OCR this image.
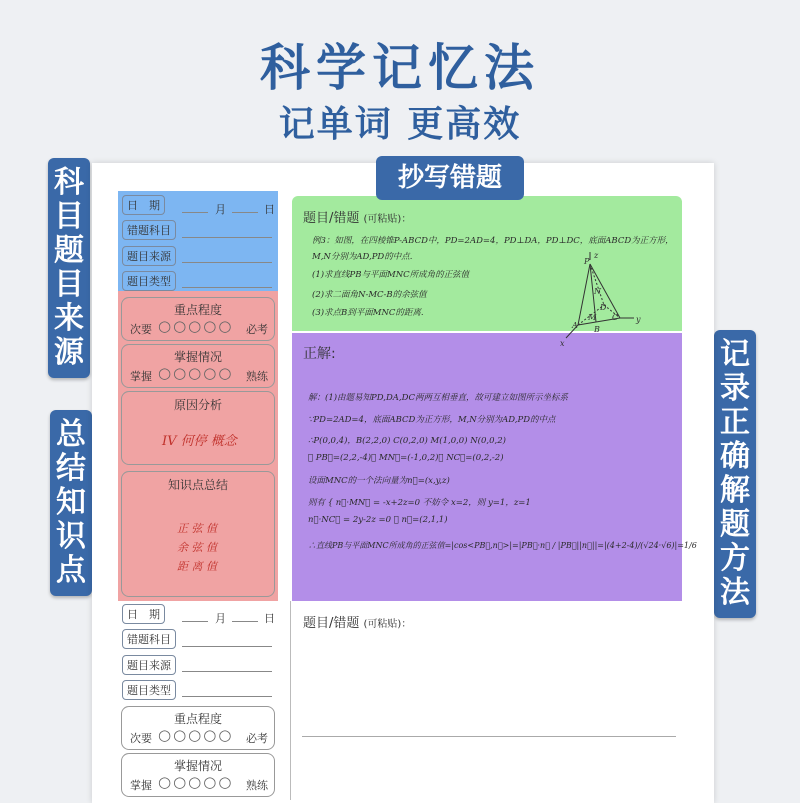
科学记忆法
记单词 更高效
科目题目来源
总结知识点
记录正确解题方法
抄写错题
日　期	月	日
错题科目
题目来源
题目类型
重点程度
次要 ○○○○○ 必考
掌握情况
掌握 ○○○○○ 熟练
原因分析
IV 何停 概念
知识点总结
正 弦 值
余 弦 值
距 离 值
题目/错题 (可粘贴)：
例3：如图，在四棱锥P-ABCD中，PD=2AD=4，PD⊥DA，PD⊥DC，底面ABCD为正方形，
M,N分别为AD,PD的中点.
(1)求直线PB与平面MNC所成角的正弦值
(2)求二面角N-MC-B的余弦值
(3)求点B到平面MNC的距离.
z
P
N
D
C y
A
M
B
x
正解:
解：(1)由题易知PD,DA,DC两两互相垂直，故可建立如图所示坐标系
∵PD=2AD=4，底面ABCD为正方形，M,N分别为AD,PD的中点
∴P(0,0,4)，B(2,2,0) C(0,2,0) M(1,0,0) N(0,0,2)
∴ PB⃗=(2,2,-4)， MN⃗=(-1,0,2)， NC⃗=(0,2,-2)
设面MNC的一个法向量为n⃗=(x,y,z)
则有 { n⃗·MN⃗ = -x+2z=0 不妨令 x=2，则 y=1，z=1
n⃗·NC⃗ = 2y-2z =0 ∴ n⃗=(2,1,1)
∴直线PB与平面MNC所成角的正弦值=|cos<PB⃗,n⃗>|=|PB⃗·n⃗ / |PB⃗||n⃗||=|(4+2-4)/(√24·√6)|=1/6
日　期	月	日
错题科目
题目来源
题目类型
重点程度
次要 ○○○○○ 必考
掌握情况
掌握 ○○○○○ 熟练
题目/错题 (可粘贴)：
